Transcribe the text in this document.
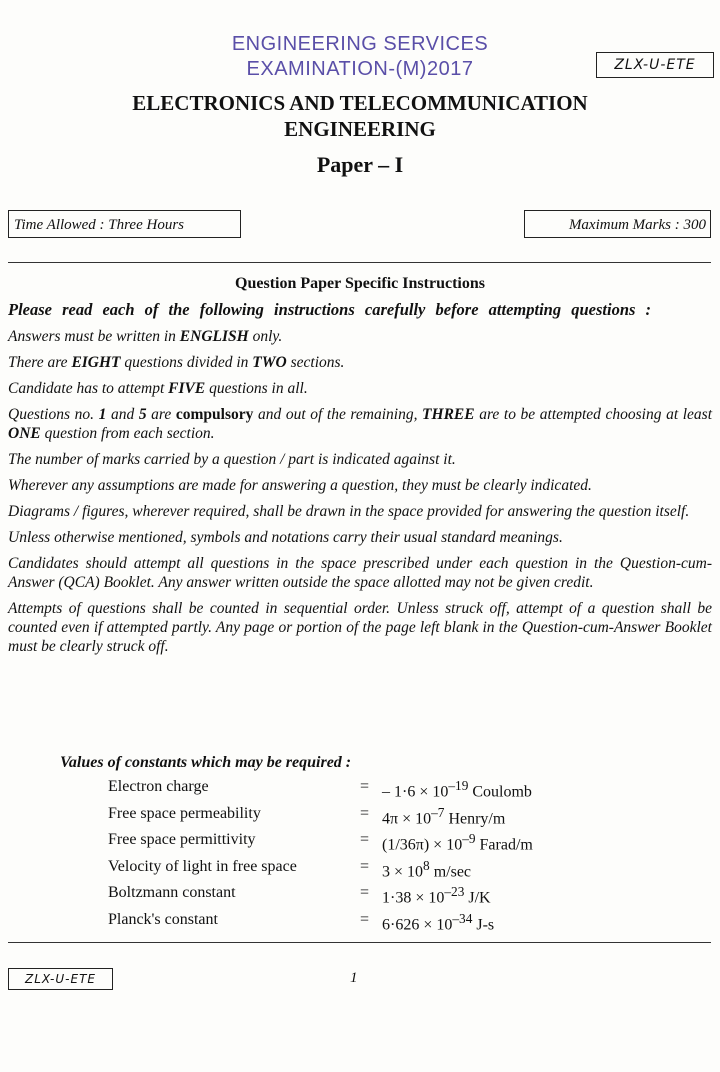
ENGINEERING SERVICES
EXAMINATION-(M)2017	ZLX-U-ETE
ELECTRONICS AND TELECOMMUNICATION
ENGINEERING
Paper – I
Time Allowed : Three Hours	Maximum Marks : 300
Question Paper Specific Instructions

Please read each of the following instructions carefully before attempting questions :

Answers must be written in ENGLISH only.

There are EIGHT questions divided in TWO sections.

Candidate has to attempt FIVE questions in all.

Questions no. 1 and 5 are compulsory and out of the remaining, THREE are to be attempted choosing at least ONE question from each section.

The number of marks carried by a question / part is indicated against it.

Wherever any assumptions are made for answering a question, they must be clearly indicated.

Diagrams / figures, wherever required, shall be drawn in the space provided for answering the question itself.

Unless otherwise mentioned, symbols and notations carry their usual standard meanings.

Candidates should attempt all questions in the space prescribed under each question in the Question-cum-Answer (QCA) Booklet. Any answer written outside the space allotted may not be given credit.

Attempts of questions shall be counted in sequential order. Unless struck off, attempt of a question shall be counted even if attempted partly. Any page or portion of the page left blank in the Question-cum-Answer Booklet must be clearly struck off.

Values of constants which may be required :
Electron charge	= – $1\cdot 6 \times 10^{-19}$ Coulomb
Free space permeability	= $4\pi \times 10^{-7}$ Henry/m
Free space permittivity	= $(1/36\pi) \times 10^{-9}$ Farad/m
Velocity of light in free space	= $3 \times 10^8$ m/sec
Boltzmann constant	= $1\cdot 38 \times 10^{-23}$ J/K
Planck's constant	= $6\cdot 626 \times 10^{-34}$ J-s
ZLX-U-ETE	1
